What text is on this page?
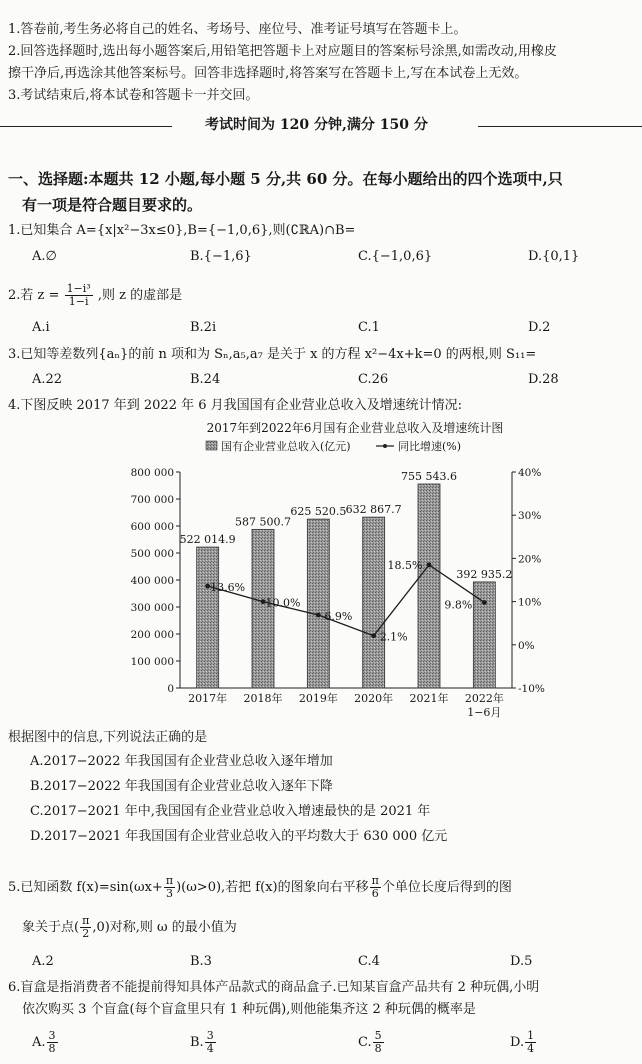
1.答卷前,考生务必将自己的姓名、考场号、座位号、准考证号填写在答题卡上。
2.回答选择题时,选出每小题答案后,用铅笔把答题卡上对应题目的答案标号涂黑,如需改动,用橡皮
擦干净后,再选涂其他答案标号。回答非选择题时,将答案写在答题卡上,写在本试卷上无效。
3.考试结束后,将本试卷和答题卡一并交回。
考试时间为 120 分钟,满分 150 分
一、选择题:本题共 12 小题,每小题 5 分,共 60 分。在每小题给出的四个选项中,只
有一项是符合题目要求的。
1.已知集合 A={x|x²−3x≤0},B={−1,0,6},则(∁ℝA)∩B=
A.∅	B.{−1,6}	C.{−1,0,6}	D.{0,1}
2.若 $z = \frac{\text{1−i³}}{1-i}$ ,则 z 的虚部是
A.i	B.2i	C.1	D.2
3.已知等差数列{aₙ}的前 n 项和为 Sₙ,a₅,a₇ 是关于 x 的方程 x²−4x+k=0 的两根,则 S₁₁=
A.22	B.24	C.26	D.28
4.下图反映 2017 年到 2022 年 6 月我国国有企业营业总收入及增速统计情况:
2017年到2022年6月国有企业营业总收入及增速统计图
国有企业营业总收入(亿元)	同比增速(%)
0
100 000
200 000
300 000
400 000
500 000
600 000
700 000
800 000
-10%
0%
10%
20%
30%
40%
522 014.9
587 500.7
625 520.5 632 867.7
755 543.6
392 935.2
13.6%
10.0%
6.9%
2.1%
18.5%
9.8%
2017年 2018年 2019年 2020年 2021年 2022年
1−6月
根据图中的信息,下列说法正确的是
A.2017−2022 年我国国有企业营业总收入逐年增加
B.2017−2022 年我国国有企业营业总收入逐年下降
C.2017−2021 年中,我国国有企业营业总收入增速最快的是 2021 年
D.2017−2021 年我国国有企业营业总收入的平均数大于 630 000 亿元
5.已知函数 $f(x)=\sin(\omega x+ \frac{\pi}{3} )(\omega>0)$,若把 f(x)的图象向右平移 $\frac{\pi}{6}$ 个单位长度后得到的图
象关于点( $\frac{\pi}{2} ,0$)对称,则 ω 的最小值为
A.2	B.3	C.4	D.5
6.盲盒是指消费者不能提前得知具体产品款式的商品盒子.已知某盲盒产品共有 2 种玩偶,小明
依次购买 3 个盲盒(每个盲盒里只有 1 种玩偶),则他能集齐这 2 种玩偶的概率是
A. $\frac{3}{8}$	B. $\frac{3}{4}$	C. $\frac{5}{8}$	D. $\frac{1}{4}$
